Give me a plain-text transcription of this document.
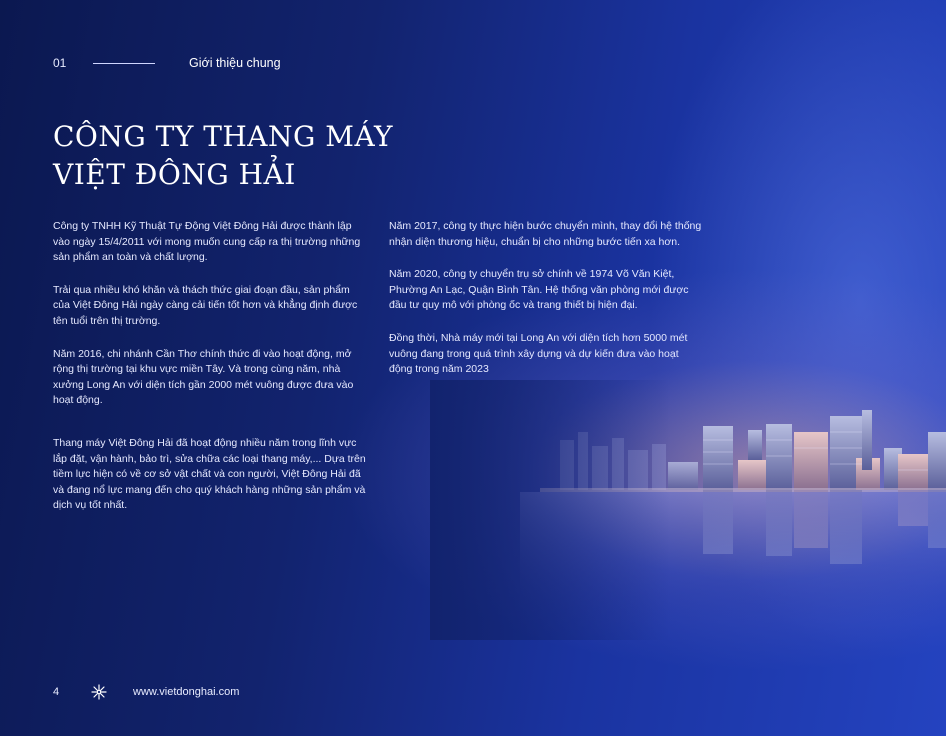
01	Giới thiệu chung
CÔNG TY THANG MÁY
VIỆT ĐÔNG HẢI

Công ty TNHH Kỹ Thuật Tự Động Việt Đông Hải được thành lập vào ngày 15/4/2011 với mong muốn cung cấp ra thị trường những sản phẩm an toàn và chất lượng.

Trải qua nhiều khó khăn và thách thức giai đoạn đầu, sản phẩm của Việt Đông Hải ngày càng cải tiến tốt hơn và khẳng định được tên tuổi trên thị trường.

Năm 2016, chi nhánh Cần Thơ chính thức đi vào hoạt động, mở rộng thị trường tại khu vực miền Tây. Và trong cùng năm, nhà xưởng Long An với diện tích gần 2000 mét vuông được đưa vào hoạt động.

Thang máy Việt Đông Hải đã hoạt động nhiều năm trong lĩnh vực lắp đặt, vận hành, bảo trì, sửa chữa các loại thang máy,... Dựa trên tiềm lực hiện có về cơ sở vật chất và con người, Việt Đông Hải đã và đang nổ lực mang đến cho quý khách hàng những sản phẩm và dịch vụ tốt nhất.

Năm 2017, công ty thực hiện bước chuyển mình, thay đổi hệ thống nhận diện thương hiệu, chuẩn bị cho những bước tiến xa hơn.

Năm 2020, công ty chuyển trụ sở chính về 1974 Võ Văn Kiệt, Phường An Lạc, Quận Bình Tân. Hệ thống văn phòng mới được đầu tư quy mô với phòng ốc và trang thiết bị hiện đại.

Đồng thời, Nhà máy mới tại Long An với diện tích hơn 5000 mét vuông đang trong quá trình xây dựng và dự kiến đưa vào hoạt động trong năm 2023

4	www.vietdonghai.com
